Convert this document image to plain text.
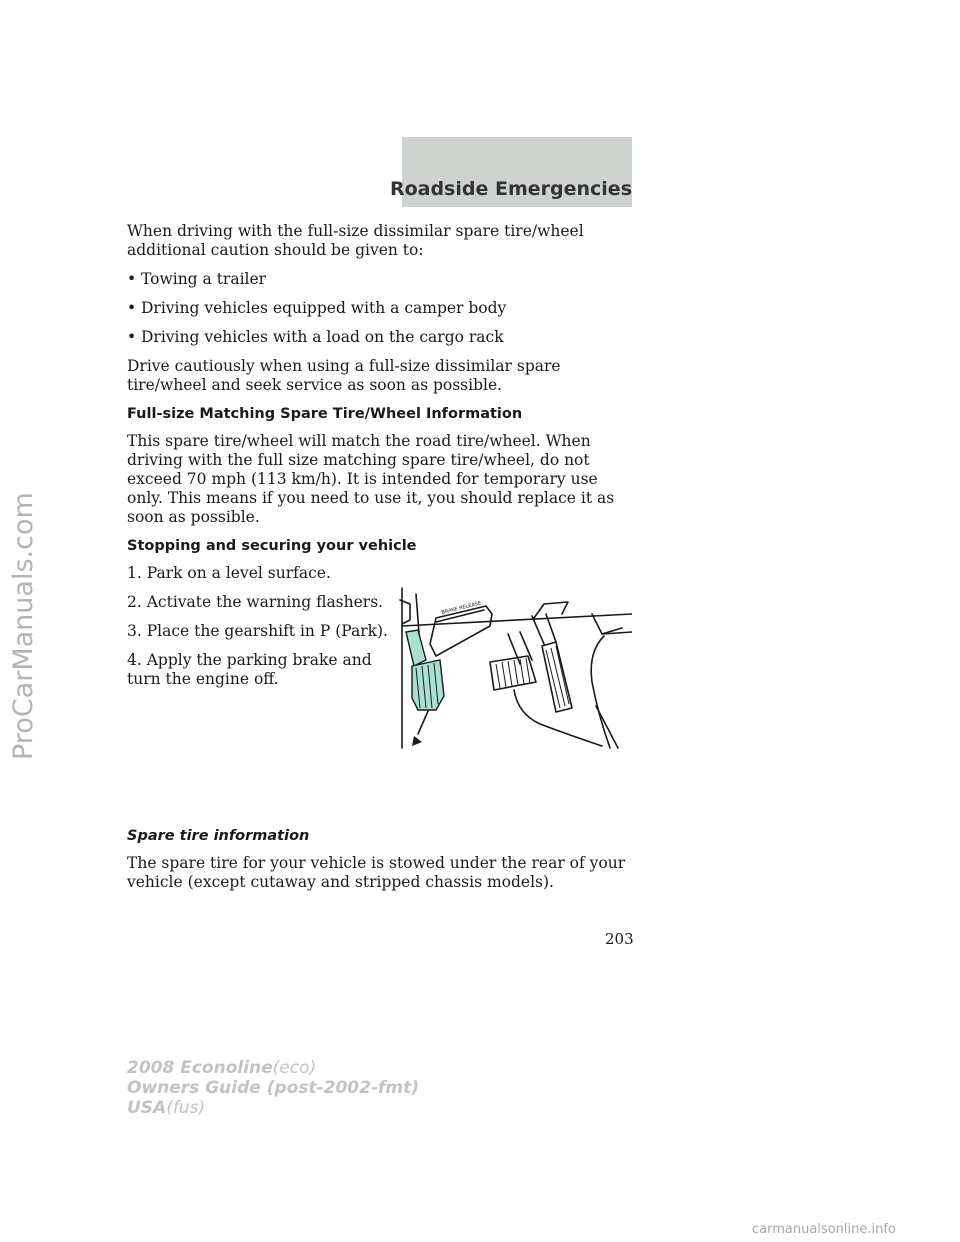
Roadside Emergencies
ProCarManuals.com

When driving with the full-size dissimilar spare tire/wheel additional caution should be given to:

• Towing a trailer
• Driving vehicles equipped with a camper body
• Driving vehicles with a load on the cargo rack

Drive cautiously when using a full-size dissimilar spare tire/wheel and seek service as soon as possible.

Full-size Matching Spare Tire/Wheel Information

This spare tire/wheel will match the road tire/wheel. When driving with the full size matching spare tire/wheel, do not exceed 70 mph (113 km/h). It is intended for temporary use only. This means if you need to use it, you should replace it as soon as possible.

Stopping and securing your vehicle

1. Park on a level surface.

2. Activate the warning flashers.

3. Place the gearshift in P (Park).

4. Apply the parking brake and turn the engine off.

Spare tire information

The spare tire for your vehicle is stowed under the rear of your vehicle (except cutaway and stripped chassis models).

BRAKE RELEASE
203
2008 Econoline(eco)
Owners Guide (post-2002-fmt)
USA(fus)
carmanualsonline.info
